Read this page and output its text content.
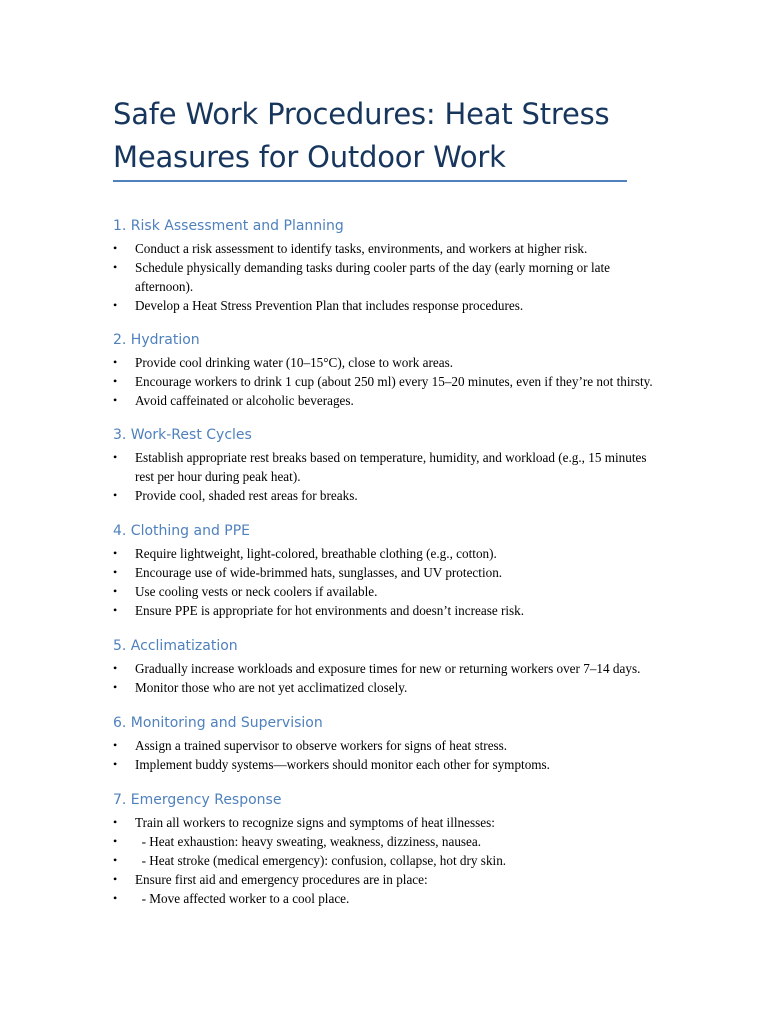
Safe Work Procedures: Heat Stress Measures for Outdoor Work
1. Risk Assessment and Planning
•	Conduct a risk assessment to identify tasks, environments, and workers at higher risk.
•	Schedule physically demanding tasks during cooler parts of the day (early morning or late afternoon).
•	Develop a Heat Stress Prevention Plan that includes response procedures.
2. Hydration
•	Provide cool drinking water (10–15°C), close to work areas.
•	Encourage workers to drink 1 cup (about 250 ml) every 15–20 minutes, even if they’re not thirsty.
•	Avoid caffeinated or alcoholic beverages.
3. Work-Rest Cycles
•	Establish appropriate rest breaks based on temperature, humidity, and workload (e.g., 15 minutes rest per hour during peak heat).
•	Provide cool, shaded rest areas for breaks.
4. Clothing and PPE
•	Require lightweight, light-colored, breathable clothing (e.g., cotton).
•	Encourage use of wide-brimmed hats, sunglasses, and UV protection.
•	Use cooling vests or neck coolers if available.
•	Ensure PPE is appropriate for hot environments and doesn’t increase risk.
5. Acclimatization
•	Gradually increase workloads and exposure times for new or returning workers over 7–14 days.
•	Monitor those who are not yet acclimatized closely.
6. Monitoring and Supervision
•	Assign a trained supervisor to observe workers for signs of heat stress.
•	Implement buddy systems—workers should monitor each other for symptoms.
7. Emergency Response
•	Train all workers to recognize signs and symptoms of heat illnesses:
•	- Heat exhaustion: heavy sweating, weakness, dizziness, nausea.
•	- Heat stroke (medical emergency): confusion, collapse, hot dry skin.
•	Ensure first aid and emergency procedures are in place:
•	- Move affected worker to a cool place.
